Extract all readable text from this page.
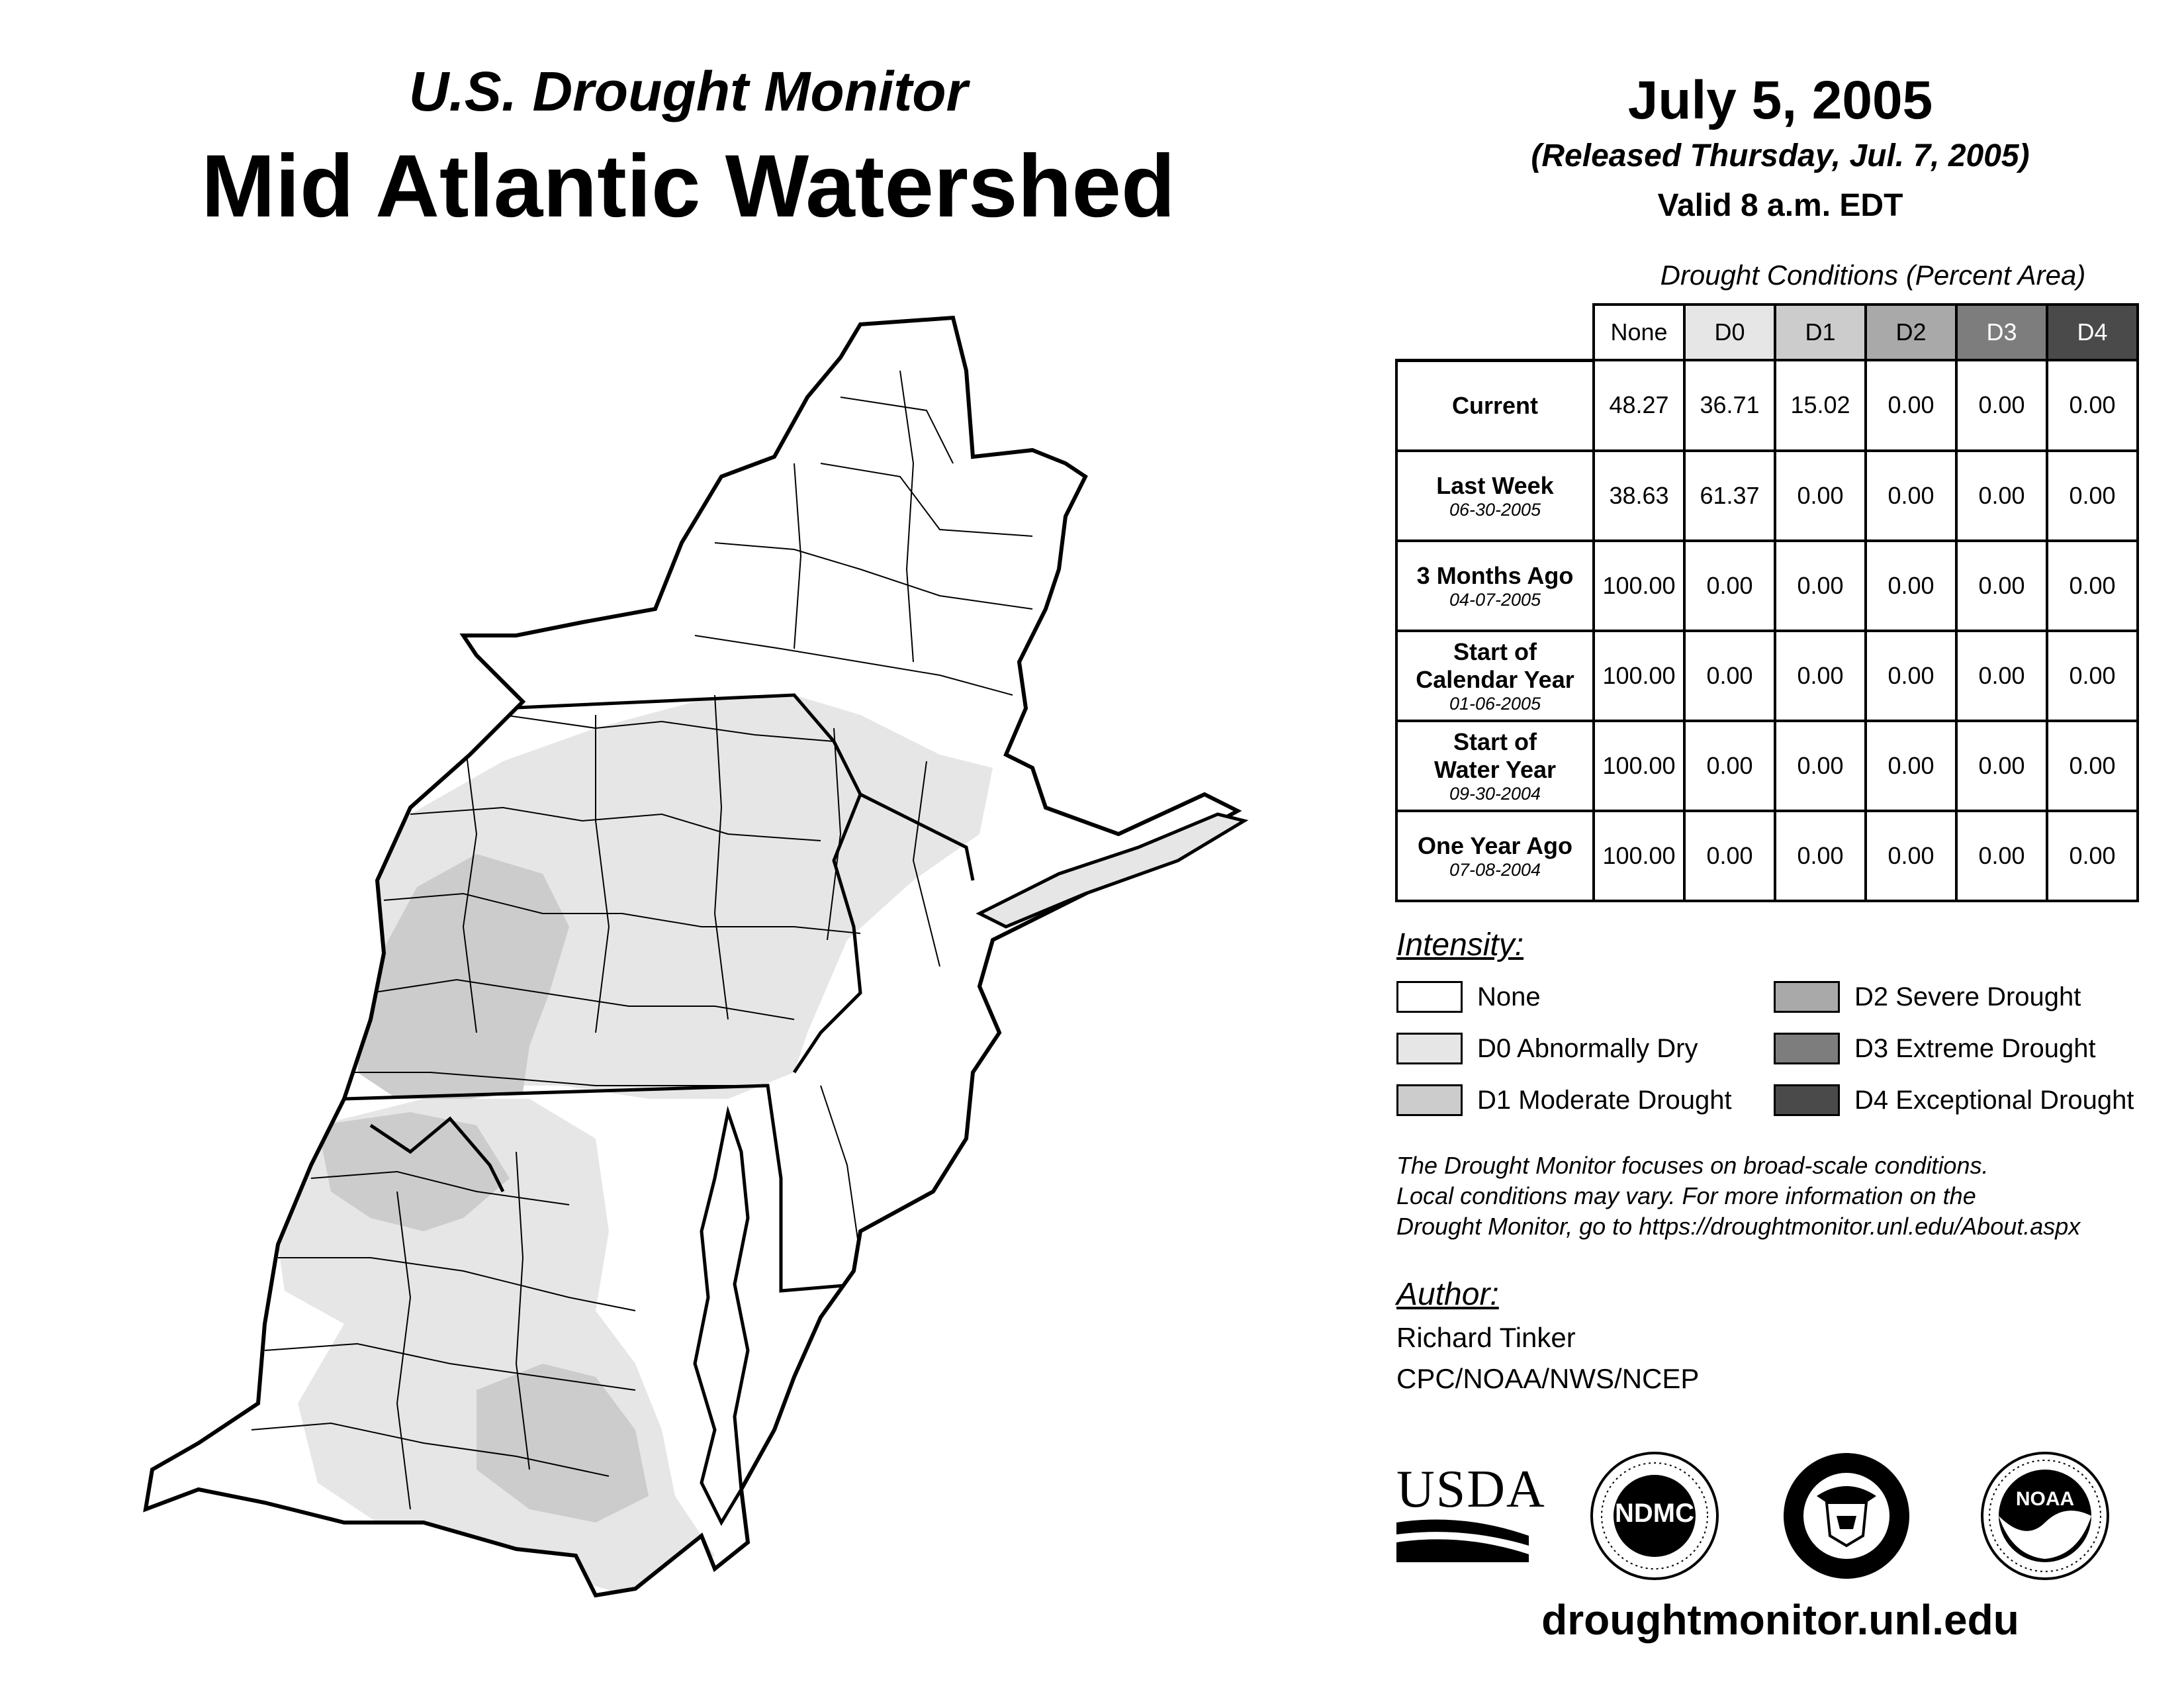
U.S. Drought Monitor
Mid Atlantic Watershed
July 5, 2005
(Released Thursday, Jul. 7, 2005)
Valid 8 a.m. EDT
Drought Conditions (Percent Area)
	None	D0	D1	D2	D3	D4
Current	48.27	36.71	15.02	0.00	0.00	0.00
Last Week
06-30-2005	38.63	61.37	0.00	0.00	0.00	0.00
3 Months Ago
04-07-2005	100.00	0.00	0.00	0.00	0.00	0.00
Start of
Calendar Year
01-06-2005	100.00	0.00	0.00	0.00	0.00	0.00
Start of
Water Year
09-30-2004	100.00	0.00	0.00	0.00	0.00	0.00
One Year Ago
07-08-2004	100.00	0.00	0.00	0.00	0.00	0.00
Intensity:
None
D0 Abnormally Dry
D1 Moderate Drought
D2 Severe Drought
D3 Extreme Drought
D4 Exceptional Drought
The Drought Monitor focuses on broad-scale conditions.
Local conditions may vary. For more information on the
Drought Monitor, go to https://droughtmonitor.unl.edu/About.aspx
Author:
Richard Tinker
CPC/NOAA/NWS/NCEP
USDA	NDMC	NOAA
droughtmonitor.unl.edu
